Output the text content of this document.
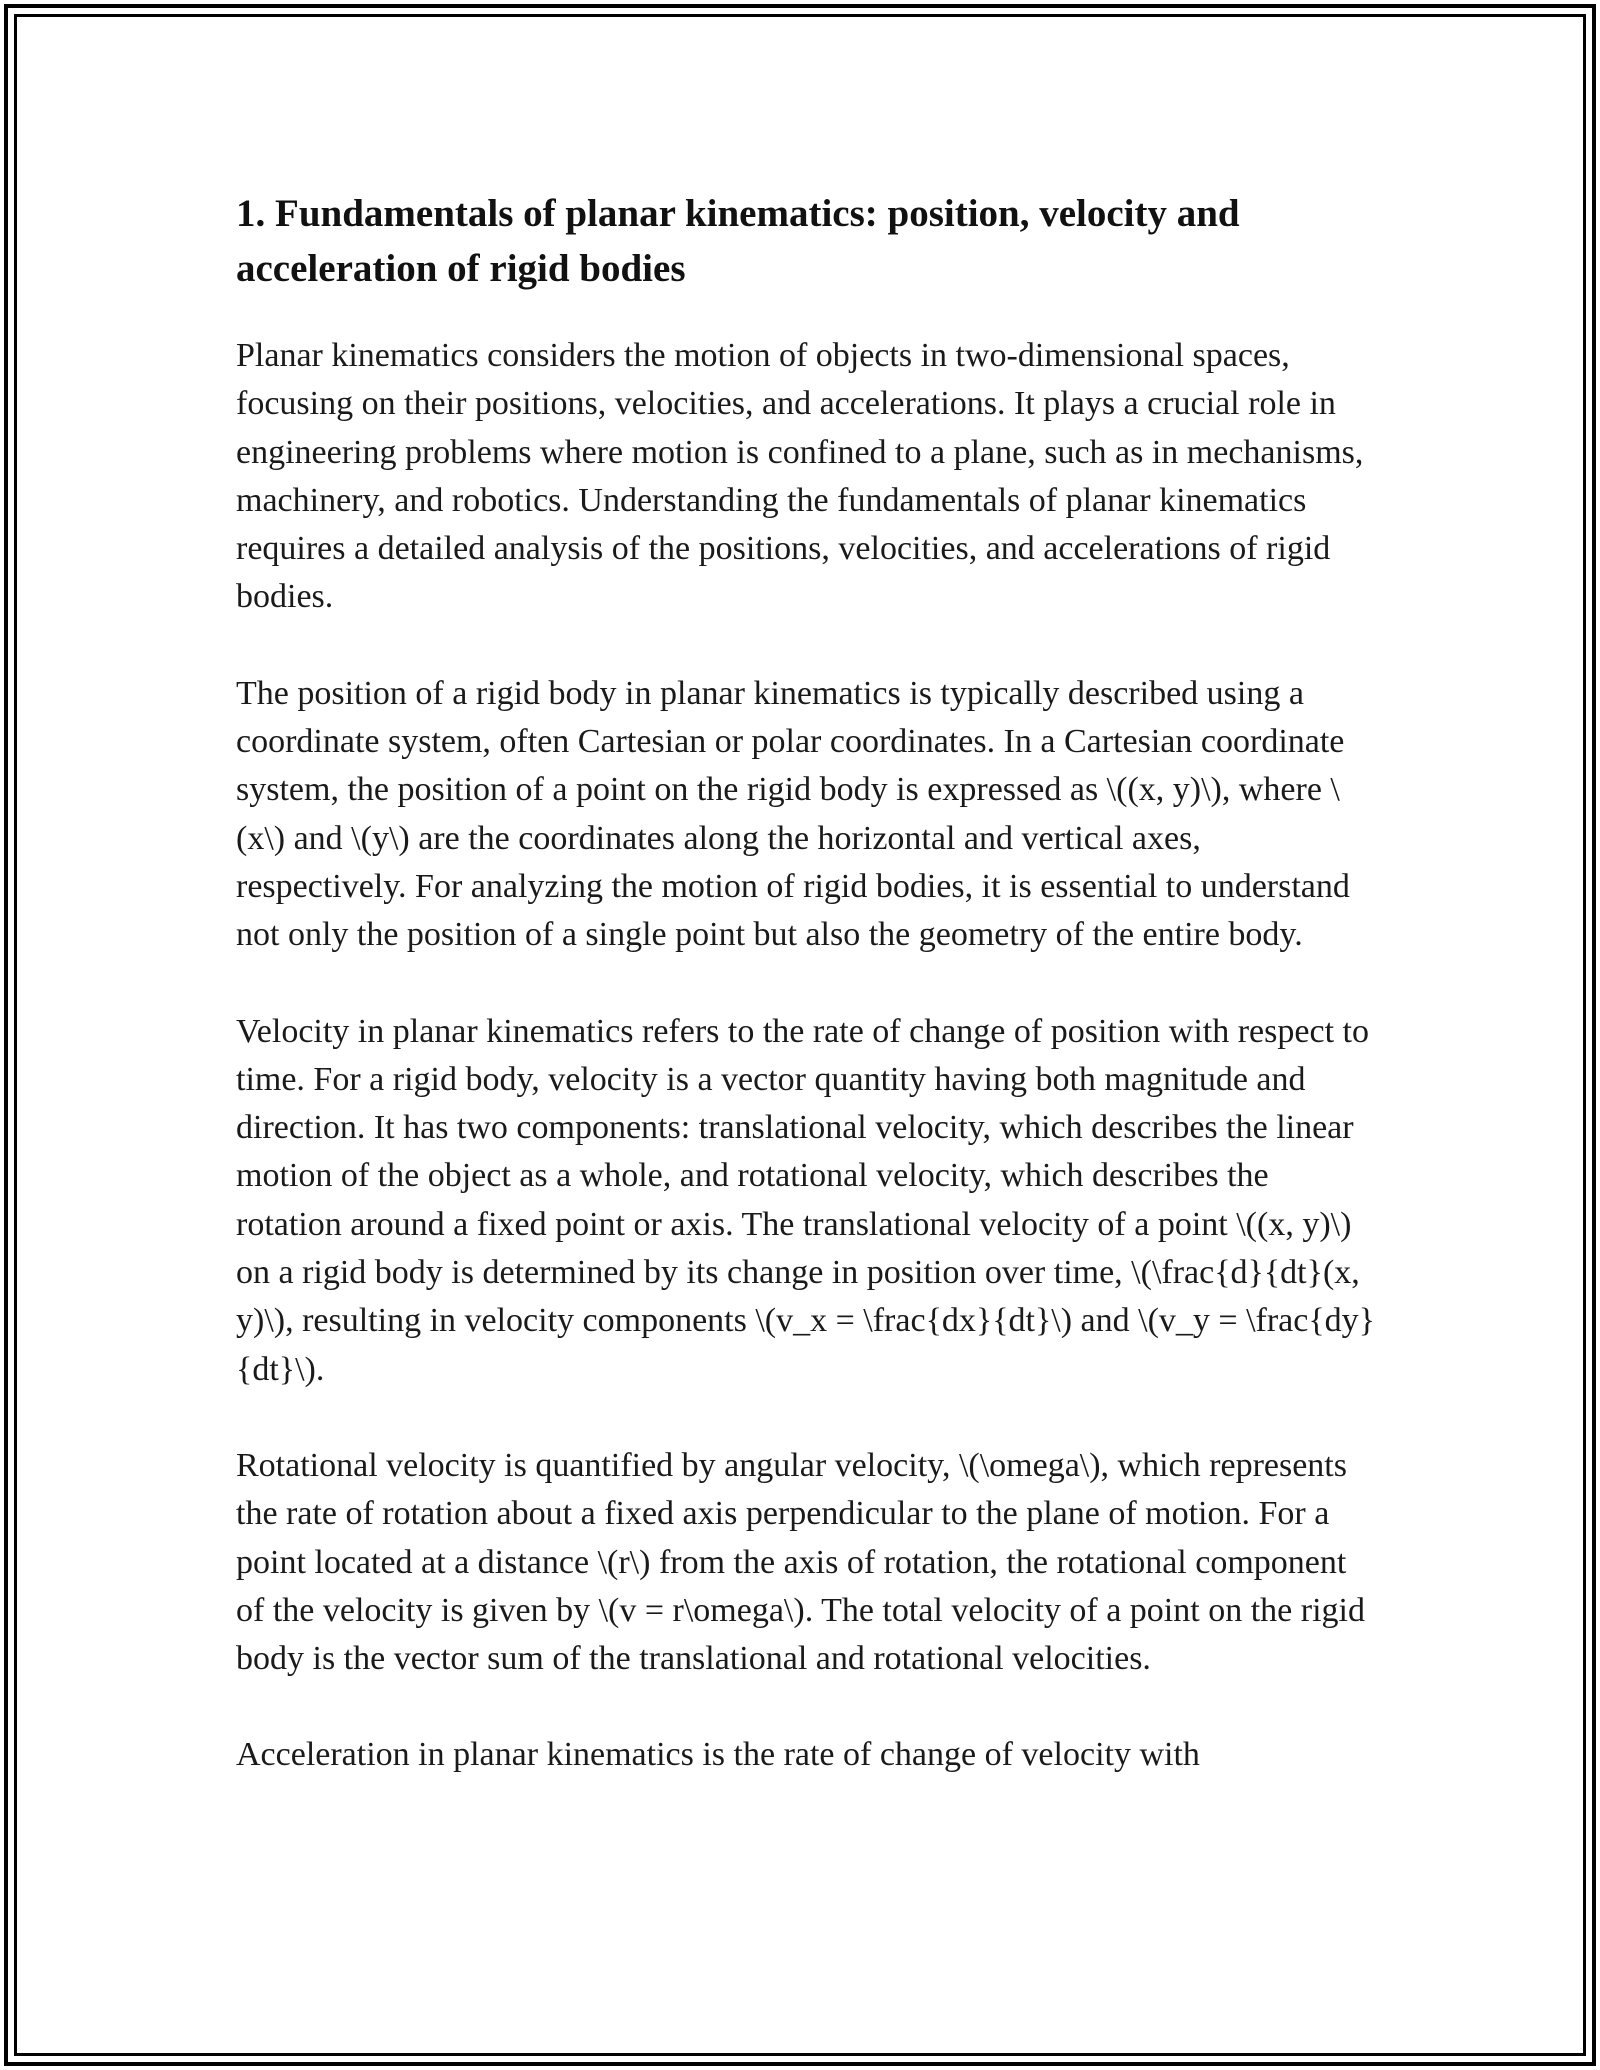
1. Fundamentals of planar kinematics: position, velocity and acceleration of rigid bodies

Planar kinematics considers the motion of objects in two-dimensional spaces, focusing on their positions, velocities, and accelerations. It plays a crucial role in engineering problems where motion is confined to a plane, such as in mechanisms, machinery, and robotics. Understanding the fundamentals of planar kinematics requires a detailed analysis of the positions, velocities, and accelerations of rigid bodies.

The position of a rigid body in planar kinematics is typically described using a coordinate system, often Cartesian or polar coordinates. In a Cartesian coordinate system, the position of a point on the rigid body is expressed as \((x, y)\), where \(x\) and \(y\) are the coordinates along the horizontal and vertical axes, respectively. For analyzing the motion of rigid bodies, it is essential to understand not only the position of a single point but also the geometry of the entire body.

Velocity in planar kinematics refers to the rate of change of position with respect to time. For a rigid body, velocity is a vector quantity having both magnitude and direction. It has two components: translational velocity, which describes the linear motion of the object as a whole, and rotational velocity, which describes the rotation around a fixed point or axis. The translational velocity of a point \((x, y)\) on a rigid body is determined by its change in position over time, \(\frac{d}{dt}(x, y)\), resulting in velocity components \(v_x = \frac{dx}{dt}\) and \(v_y = \frac{dy}{dt}\).

Rotational velocity is quantified by angular velocity, \(\omega\), which represents the rate of rotation about a fixed axis perpendicular to the plane of motion. For a point located at a distance \(r\) from the axis of rotation, the rotational component of the velocity is given by \(v = r\omega\). The total velocity of a point on the rigid body is the vector sum of the translational and rotational velocities.

Acceleration in planar kinematics is the rate of change of velocity with
